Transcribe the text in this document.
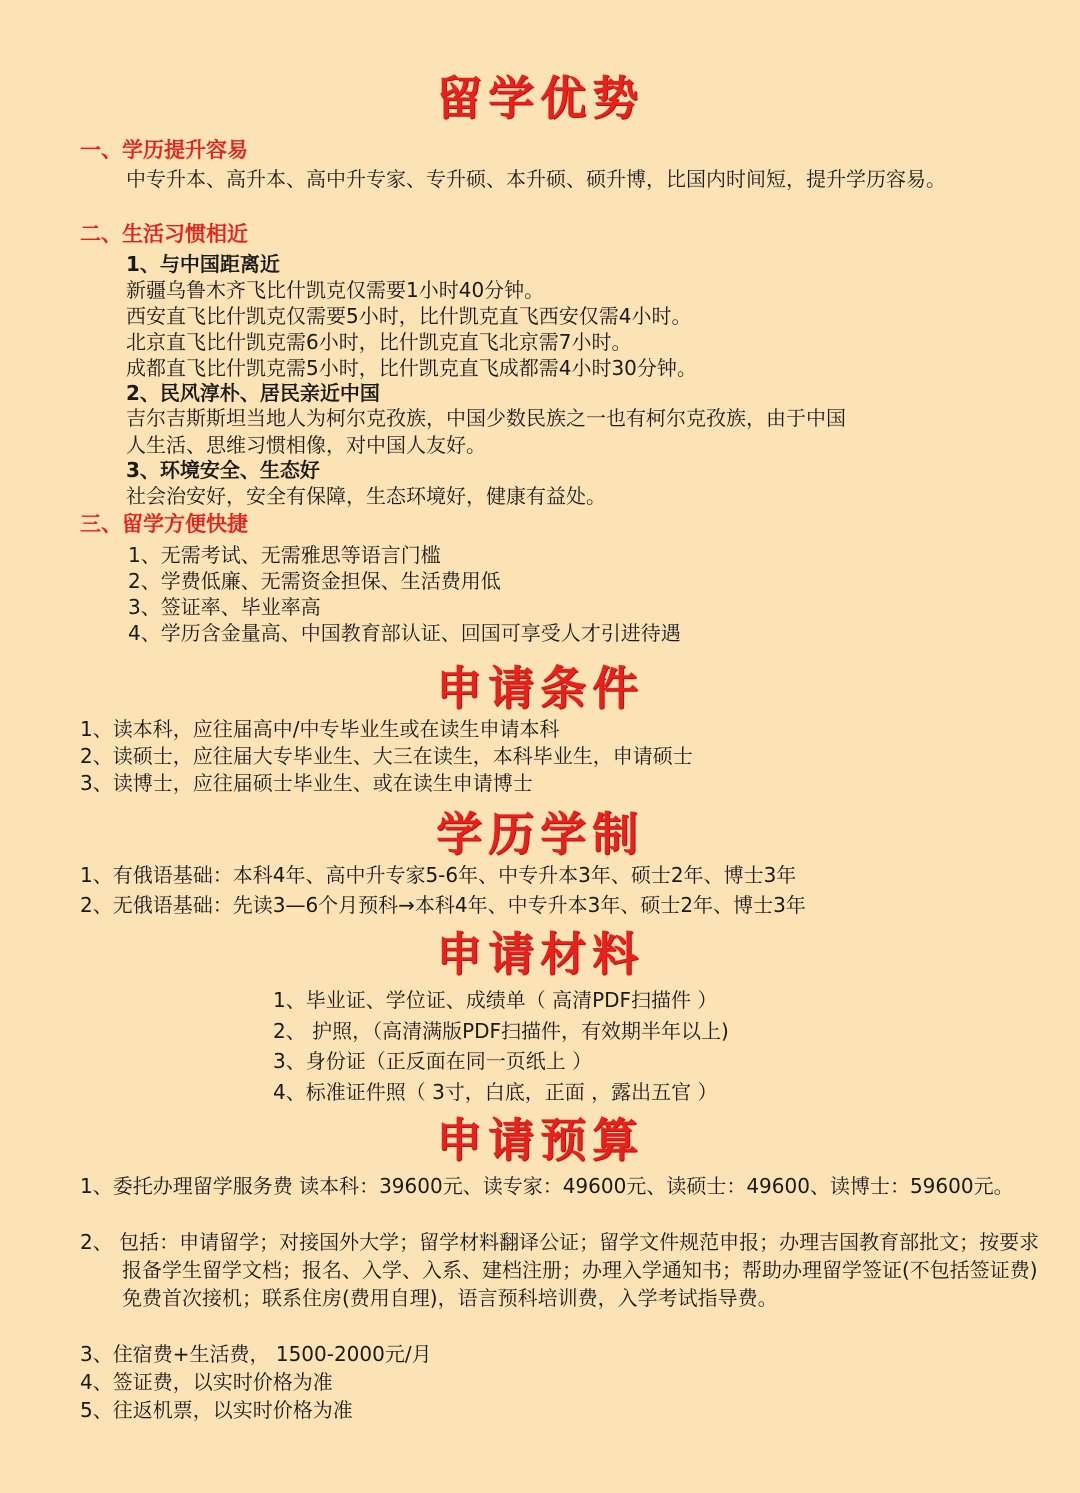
留学优势
一、学历提升容易

中专升本、高升本、高中升专家、专升硕、本升硕、硕升博，比国内时间短，提升学历容易。

二、生活习惯相近
1、与中国距离近

新疆乌鲁木齐飞比什凯克仅需要1小时40分钟。

西安直飞比什凯克仅需要5小时，比什凯克直飞西安仅需4小时。

北京直飞比什凯克需6小时，比什凯克直飞北京需7小时。

成都直飞比什凯克需5小时，比什凯克直飞成都需4小时30分钟。

2、民风淳朴、居民亲近中国

吉尔吉斯斯坦当地人为柯尔克孜族，中国少数民族之一也有柯尔克孜族，由于中国人生活、思维习惯相像，对中国人友好。

3、环境安全、生态好

社会治安好，安全有保障，生态环境好，健康有益处。

三、留学方便快捷

1、无需考试、无需雅思等语言门槛

2、学费低廉、无需资金担保、生活费用低

3、签证率、毕业率高

4、学历含金量高、中国教育部认证、回国可享受人才引进待遇

申请条件

1、读本科，应往届高中/中专毕业生或在读生申请本科

2、读硕士，应往届大专毕业生、大三在读生，本科毕业生，申请硕士

3、读博士，应往届硕士毕业生、或在读生申请博士

学历学制

1、有俄语基础：本科4年、高中升专家5-6年、中专升本3年、硕士2年、博士3年

2、无俄语基础：先读3—6个月预科→本科4年、中专升本3年、硕士2年、博士3年

申请材料

1、毕业证、学位证、成绩单（ 高清PDF扫描件 ）

2、 护照，（高清满版PDF扫描件，有效期半年以上)

3、身份证（正反面在同一页纸上 ）

4、标准证件照（ 3寸，白底，正面 ，露出五官 ）

申请预算

1、委托办理留学服务费 读本科：39600元、读专家：49600元、读硕士：49600、读博士：59600元。

2、 包括：申请留学；对接国外大学；留学材料翻译公证；留学文件规范申报；办理吉国教育部批文；按要求报备学生留学文档；报名、入学、入系、建档注册；办理入学通知书；帮助办理留学签证(不包括签证费)免费首次接机；联系住房(费用自理)，语言预科培训费，入学考试指导费。

3、住宿费+生活费， 1500-2000元/月

4、签证费，以实时价格为准

5、往返机票，以实时价格为准
